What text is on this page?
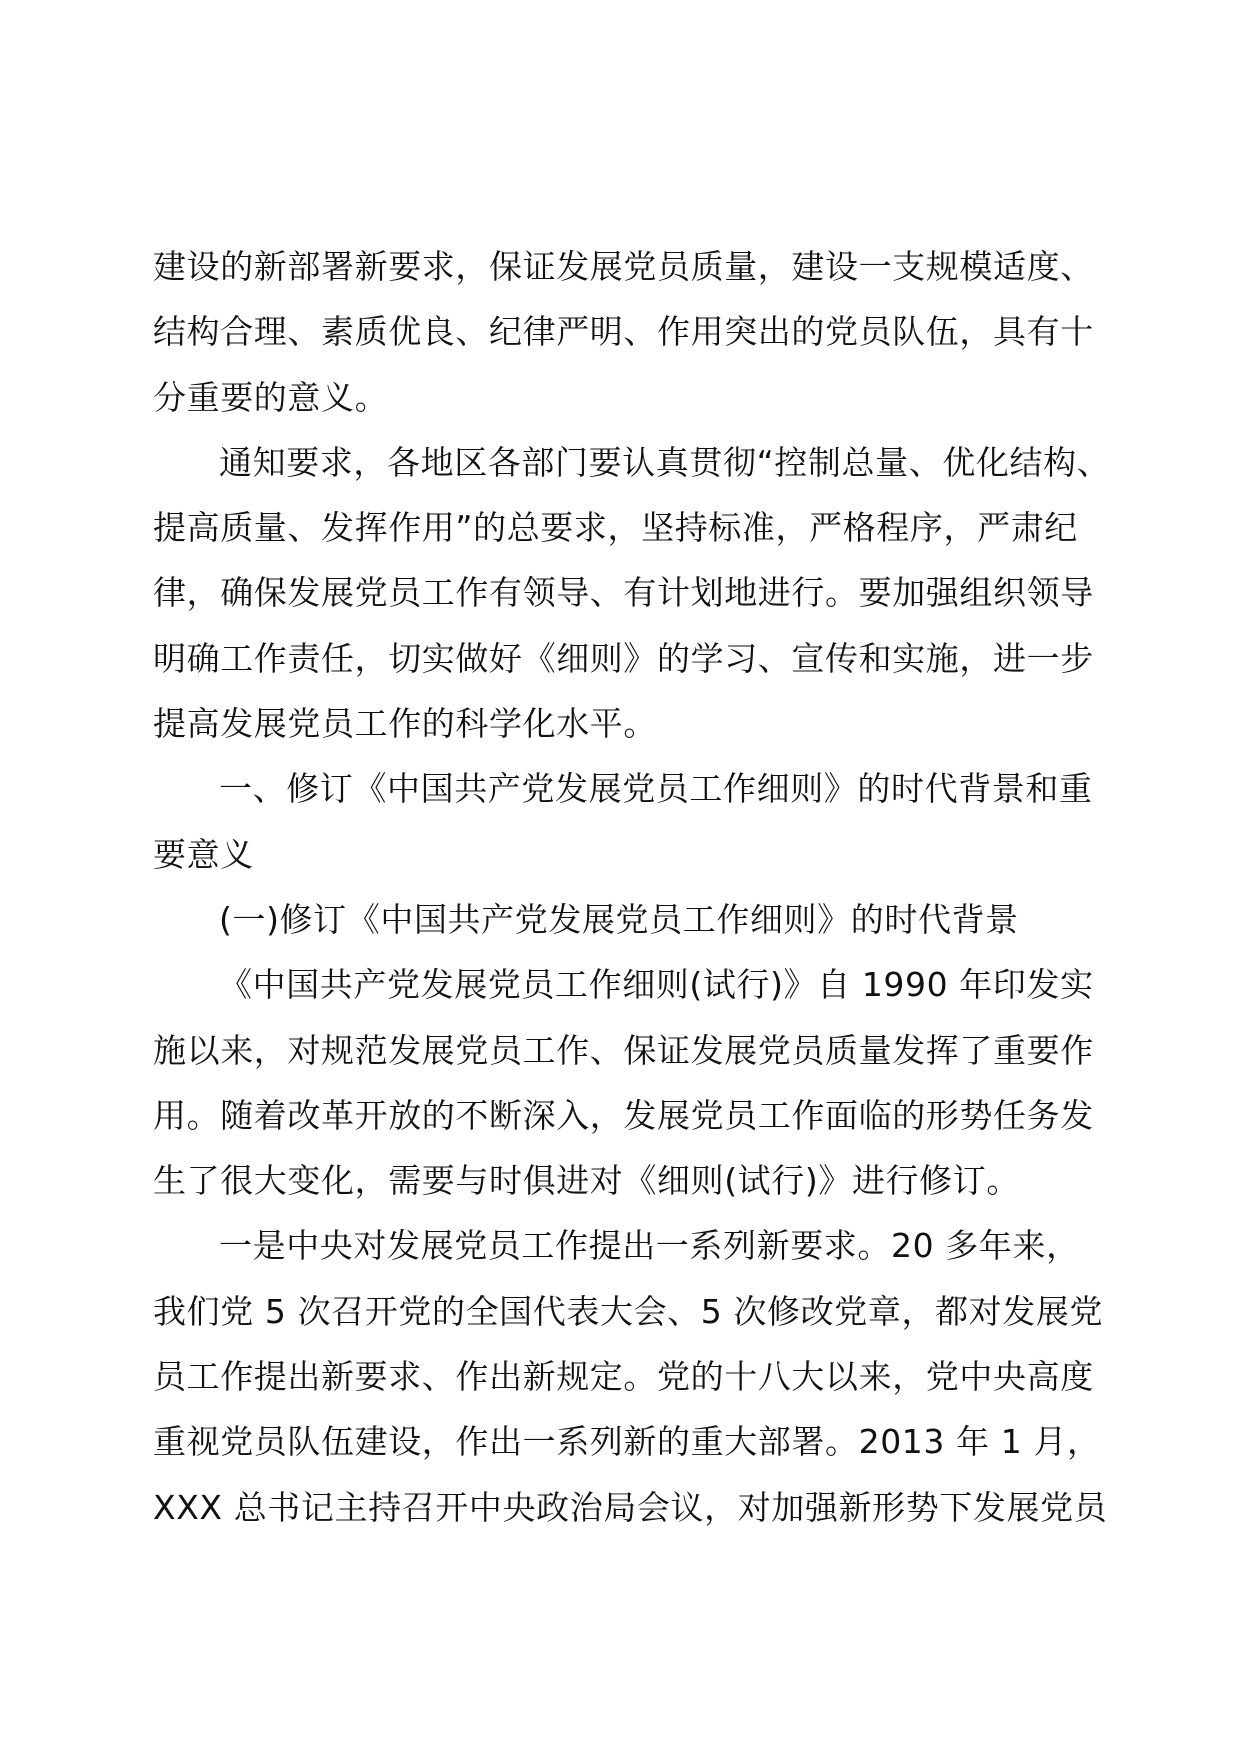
建设的新部署新要求，保证发展党员质量，建设一支规模适度、
结构合理、素质优良、纪律严明、作用突出的党员队伍，具有十
分重要的意义。
通知要求，各地区各部门要认真贯彻“控制总量、优化结构、
提高质量、发挥作用”的总要求，坚持标准，严格程序，严肃纪
律，确保发展党员工作有领导、有计划地进行。要加强组织领导
明确工作责任，切实做好《细则》的学习、宣传和实施，进一步
提高发展党员工作的科学化水平。
一、修订《中国共产党发展党员工作细则》的时代背景和重
要意义
(一)修订《中国共产党发展党员工作细则》的时代背景
《中国共产党发展党员工作细则(试行)》自 1990 年印发实
施以来，对规范发展党员工作、保证发展党员质量发挥了重要作
用。随着改革开放的不断深入，发展党员工作面临的形势任务发
生了很大变化，需要与时俱进对《细则(试行)》进行修订。
一是中央对发展党员工作提出一系列新要求。20 多年来，
我们党 5 次召开党的全国代表大会、5 次修改党章，都对发展党
员工作提出新要求、作出新规定。党的十八大以来，党中央高度
重视党员队伍建设，作出一系列新的重大部署。2013 年 1 月，
XXX 总书记主持召开中央政治局会议，对加强新形势下发展党员
